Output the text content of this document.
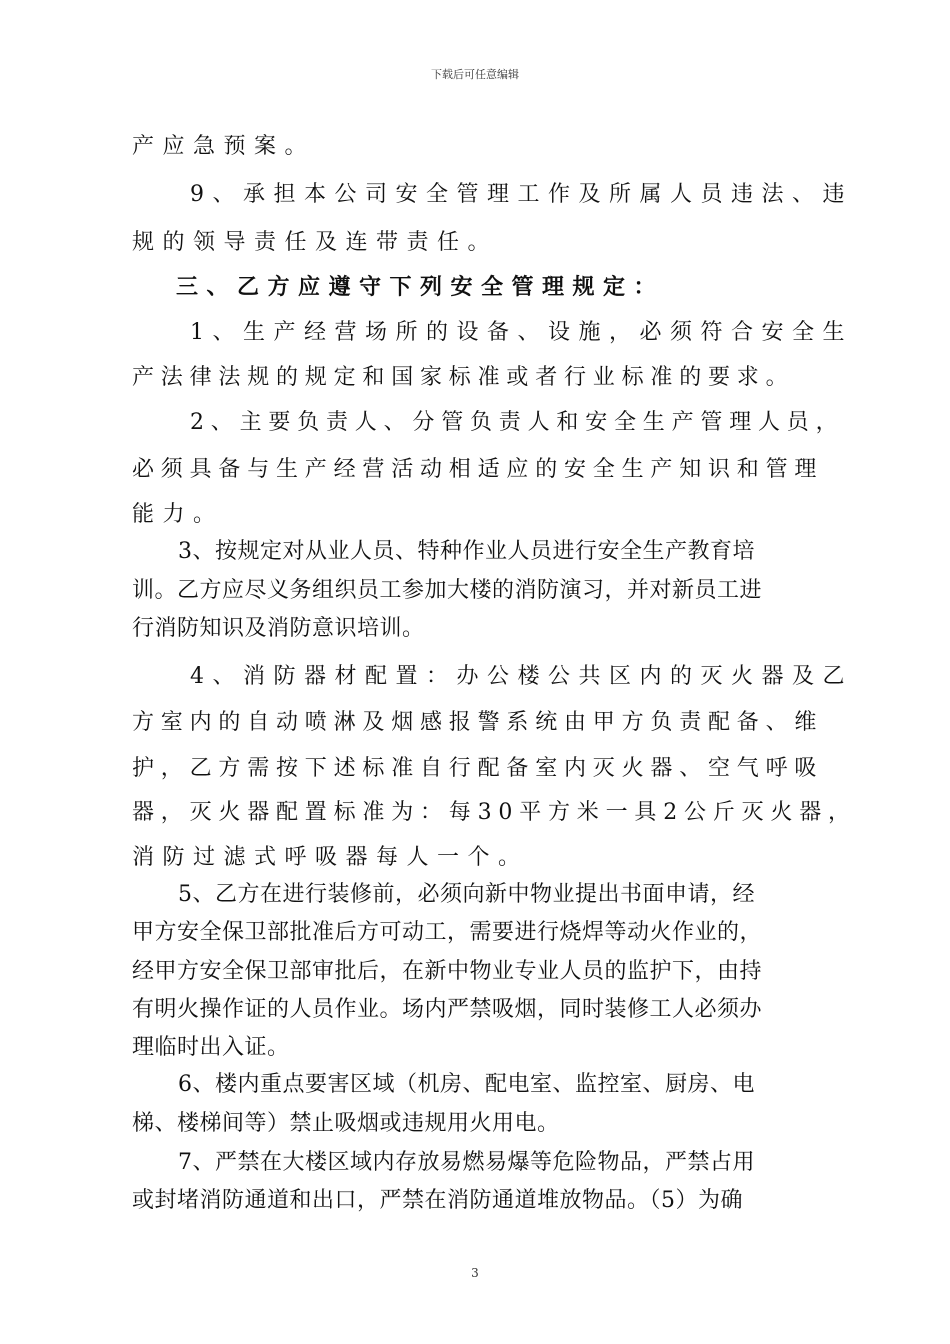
下载后可任意编辑
产应急预案。
9、承担本公司安全管理工作及所属人员违法、违
规的领导责任及连带责任。
三、乙方应遵守下列安全管理规定：
1、生产经营场所的设备、设施，必须符合安全生
产法律法规的规定和国家标准或者行业标准的要求。
2、主要负责人、分管负责人和安全生产管理人员，
必须具备与生产经营活动相适应的安全生产知识和管理
能力。
3、按规定对从业人员、特种作业人员进行安全生产教育培
训。乙方应尽义务组织员工参加大楼的消防演习，并对新员工进
行消防知识及消防意识培训。
4、消防器材配置：办公楼公共区内的灭火器及乙
方室内的自动喷淋及烟感报警系统由甲方负责配备、维
护，乙方需按下述标准自行配备室内灭火器、空气呼吸
器，灭火器配置标准为：每30平方米一具2公斤灭火器，
消防过滤式呼吸器每人一个。
5、乙方在进行装修前，必须向新中物业提出书面申请，经
甲方安全保卫部批准后方可动工，需要进行烧焊等动火作业的，
经甲方安全保卫部审批后，在新中物业专业人员的监护下，由持
有明火操作证的人员作业。场内严禁吸烟，同时装修工人必须办
理临时出入证。
6、楼内重点要害区域（机房、配电室、监控室、厨房、电
梯、楼梯间等）禁止吸烟或违规用火用电。
7、严禁在大楼区域内存放易燃易爆等危险物品，严禁占用
或封堵消防通道和出口，严禁在消防通道堆放物品。（5）为确
3
